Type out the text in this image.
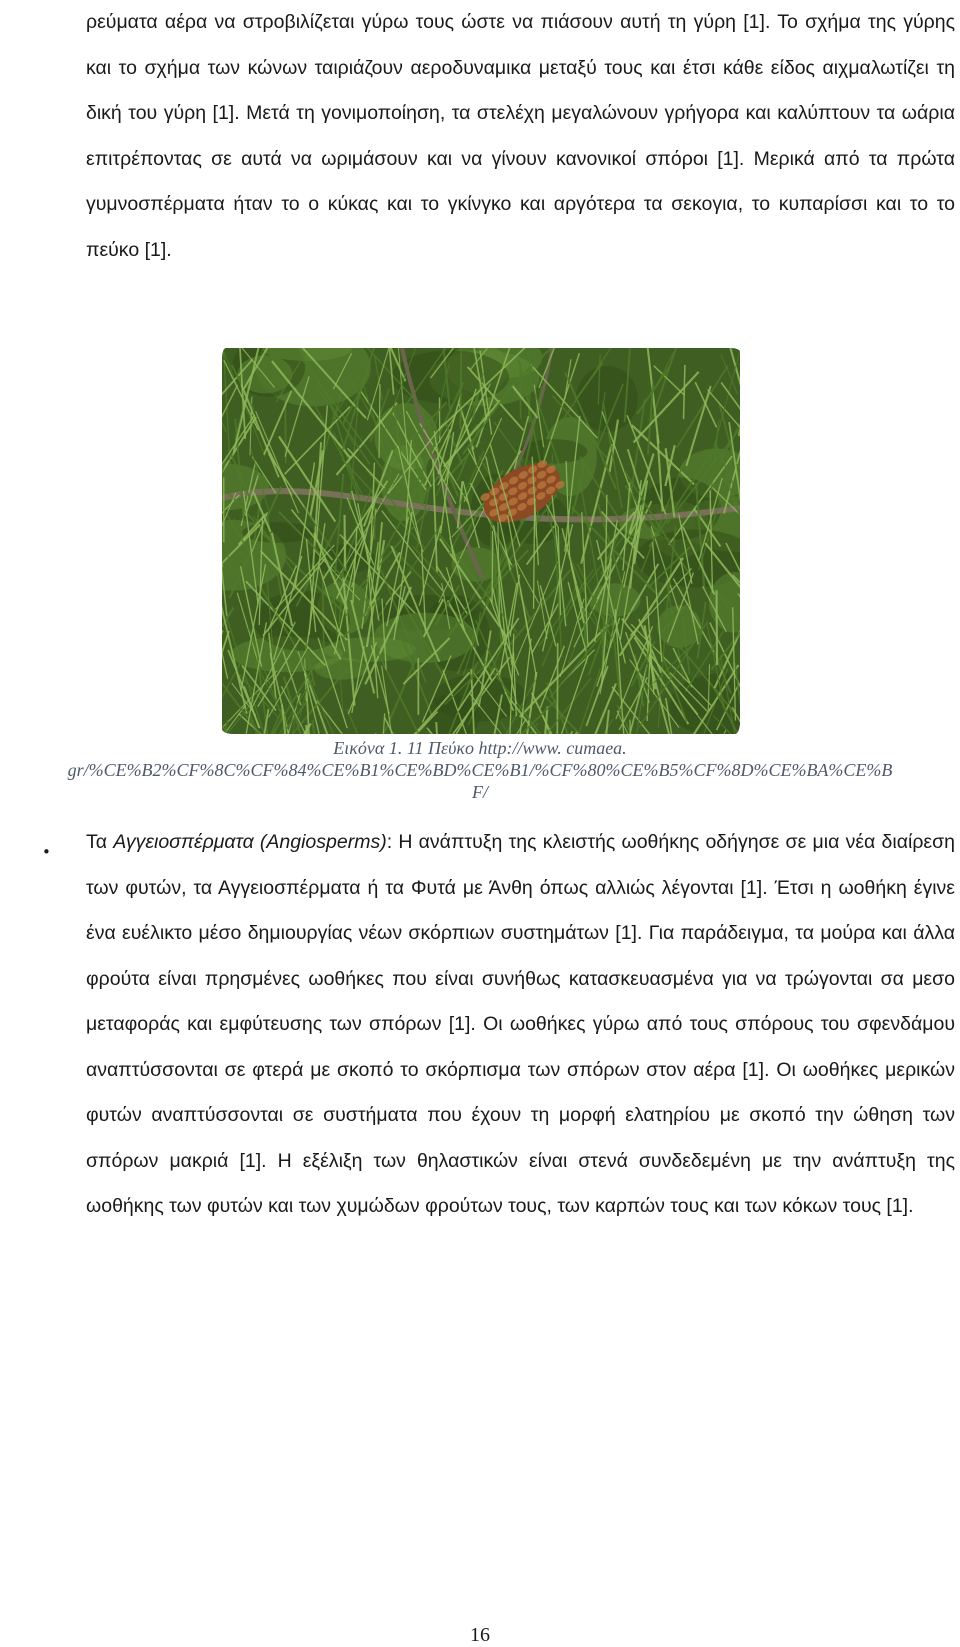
ρεύματα αέρα να στροβιλίζεται γύρω τους ώστε να πιάσουν αυτή τη γύρη [1]. Το σχήμα της γύρης και το σχήμα των κώνων ταιριάζουν αεροδυναμικα μεταξύ τους και έτσι κάθε είδος αιχμαλωτίζει τη δική του γύρη [1]. Μετά τη γονιμοποίηση, τα στελέχη μεγαλώνουν γρήγορα και καλύπτουν τα ωάρια επιτρέποντας σε αυτά να ωριμάσουν και να γίνουν κανονικοί σπόροι [1]. Μερικά από τα πρώτα γυμνοσπέρματα ήταν το ο κύκας και το γκίνγκο και αργότερα τα σεκογια, το κυπαρίσσι και το το πεύκο [1].

Εικόνα 1. 11 Πεύκο http://www. cumaea.
gr/%CE%B2%CF%8C%CF%84%CE%B1%CE%BD%CE%B1/%CF%80%CE%B5%CF%8D%CE%BA%CE%B
F/
• Τα Αγγειοσπέρματα (Angiosperms): Η ανάπτυξη της κλειστής ωοθήκης οδήγησε σε μια νέα διαίρεση των φυτών, τα Αγγειοσπέρματα ή τα Φυτά με Άνθη όπως αλλιώς λέγονται [1]. Έτσι η ωοθήκη έγινε ένα ευέλικτο μέσο δημιουργίας νέων σκόρπιων συστημάτων [1]. Για παράδειγμα, τα μούρα και άλλα φρούτα είναι πρησμένες ωοθήκες που είναι συνήθως κατασκευασμένα για να τρώγονται σα μεσο μεταφοράς και εμφύτευσης των σπόρων [1]. Οι ωοθήκες γύρω από τους σπόρους του σφενδάμου αναπτύσσονται σε φτερά με σκοπό το σκόρπισμα των σπόρων στον αέρα [1]. Οι ωοθήκες μερικών φυτών αναπτύσσονται σε συστήματα που έχουν τη μορφή ελατηρίου με σκοπό την ώθηση των σπόρων μακριά [1]. Η εξέλιξη των θηλαστικών είναι στενά συνδεδεμένη με την ανάπτυξη της ωοθήκης των φυτών και των χυμώδων φρούτων τους, των καρπών τους και των κόκων τους [1].

16
